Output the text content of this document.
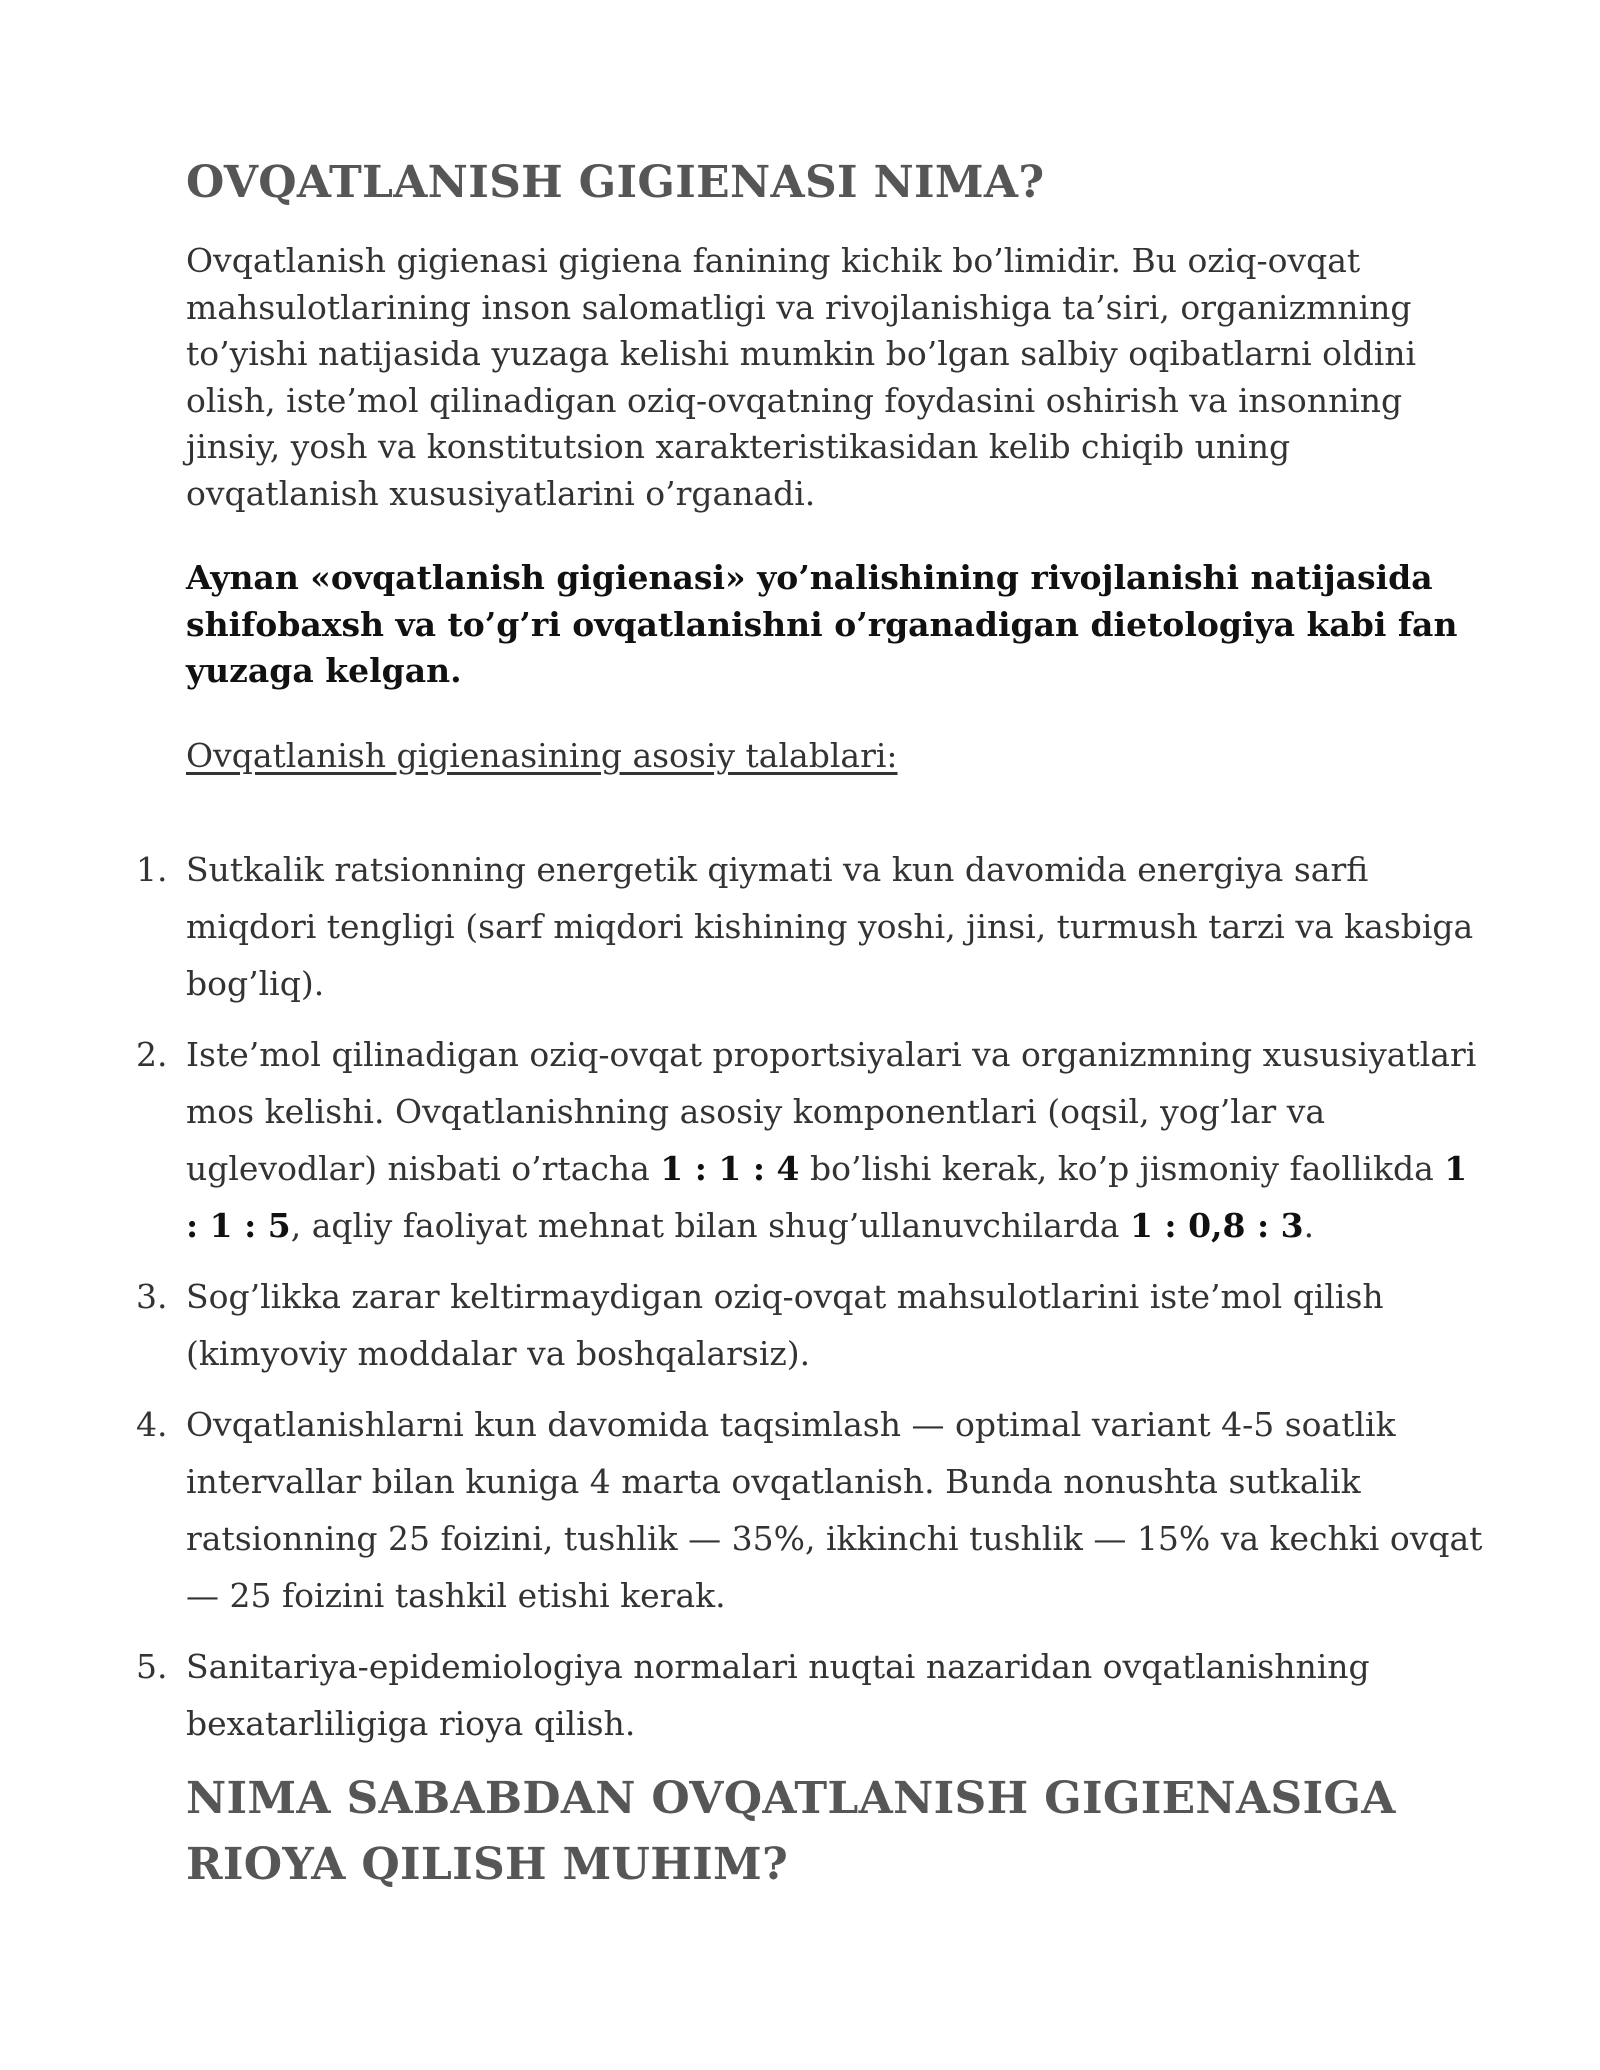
OVQATLANISH GIGIENASI NIMA?

Ovqatlanish gigienasi gigiena fanining kichik bo’limidir. Bu oziq-ovqat mahsulotlarining inson salomatligi va rivojlanishiga ta’siri, organizmning to’yishi natijasida yuzaga kelishi mumkin bo’lgan salbiy oqibatlarni oldini olish, iste’mol qilinadigan oziq-ovqatning foydasini oshirish va insonning jinsiy, yosh va konstitutsion xarakteristikasidan kelib chiqib uning ovqatlanish xususiyatlarini o’rganadi.

Aynan «ovqatlanish gigienasi» yo’nalishining rivojlanishi natijasida shifobaxsh va to’g’ri ovqatlanishni o’rganadigan dietologiya kabi fan yuzaga kelgan.

Ovqatlanish gigienasining asosiy talablari:

1. Sutkalik ratsionning energetik qiymati va kun davomida energiya sarfi miqdori tengligi (sarf miqdori kishining yoshi, jinsi, turmush tarzi va kasbiga bog’liq).
2. Iste’mol qilinadigan oziq-ovqat proportsiyalari va organizmning xususiyatlari mos kelishi. Ovqatlanishning asosiy komponentlari (oqsil, yog’lar va uglevodlar) nisbati o’rtacha 1 : 1 : 4 bo’lishi kerak, ko’p jismoniy faollikda 1 : 1 : 5, aqliy faoliyat mehnat bilan shug’ullanuvchilarda 1 : 0,8 : 3.
3. Sog’likka zarar keltirmaydigan oziq-ovqat mahsulotlarini iste’mol qilish (kimyoviy moddalar va boshqalarsiz).
4. Ovqatlanishlarni kun davomida taqsimlash — optimal variant 4-5 soatlik intervallar bilan kuniga 4 marta ovqatlanish. Bunda nonushta sutkalik ratsionning 25 foizini, tushlik — 35%, ikkinchi tushlik — 15% va kechki ovqat — 25 foizini tashkil etishi kerak.
5. Sanitariya-epidemiologiya normalari nuqtai nazaridan ovqatlanishning bexatarliligiga rioya qilish.
NIMA SABABDAN OVQATLANISH GIGIENASIGA RIOYA QILISH MUHIM?
